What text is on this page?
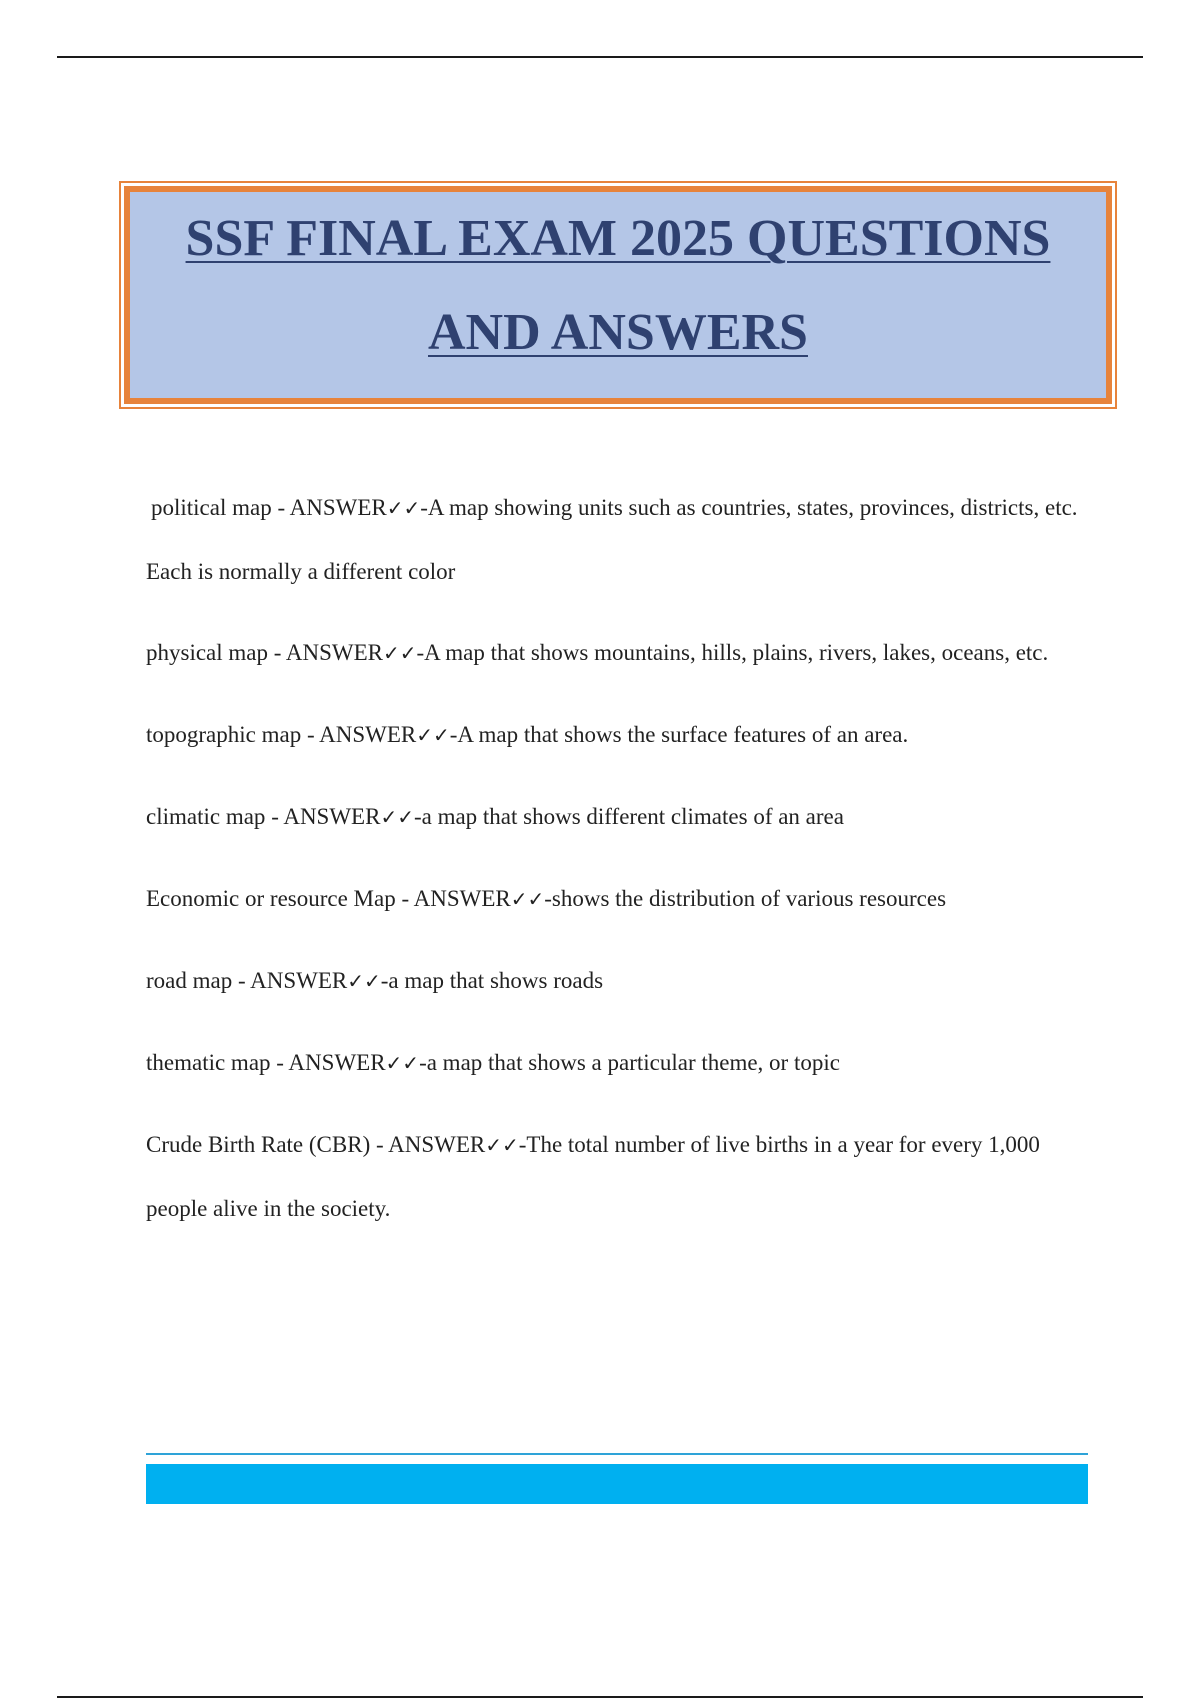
SSF FINAL EXAM 2025 QUESTIONS
AND ANSWERS

political map - ANSWER✓✓-A map showing units such as countries, states, provinces, districts, etc. Each is normally a different color

physical map - ANSWER✓✓-A map that shows mountains, hills, plains, rivers, lakes, oceans, etc.

topographic map - ANSWER✓✓-A map that shows the surface features of an area.

climatic map - ANSWER✓✓-a map that shows different climates of an area

Economic or resource Map - ANSWER✓✓-shows the distribution of various resources

road map - ANSWER✓✓-a map that shows roads

thematic map - ANSWER✓✓-a map that shows a particular theme, or topic

Crude Birth Rate (CBR) - ANSWER✓✓-The total number of live births in a year for every 1,000 people alive in the society.
